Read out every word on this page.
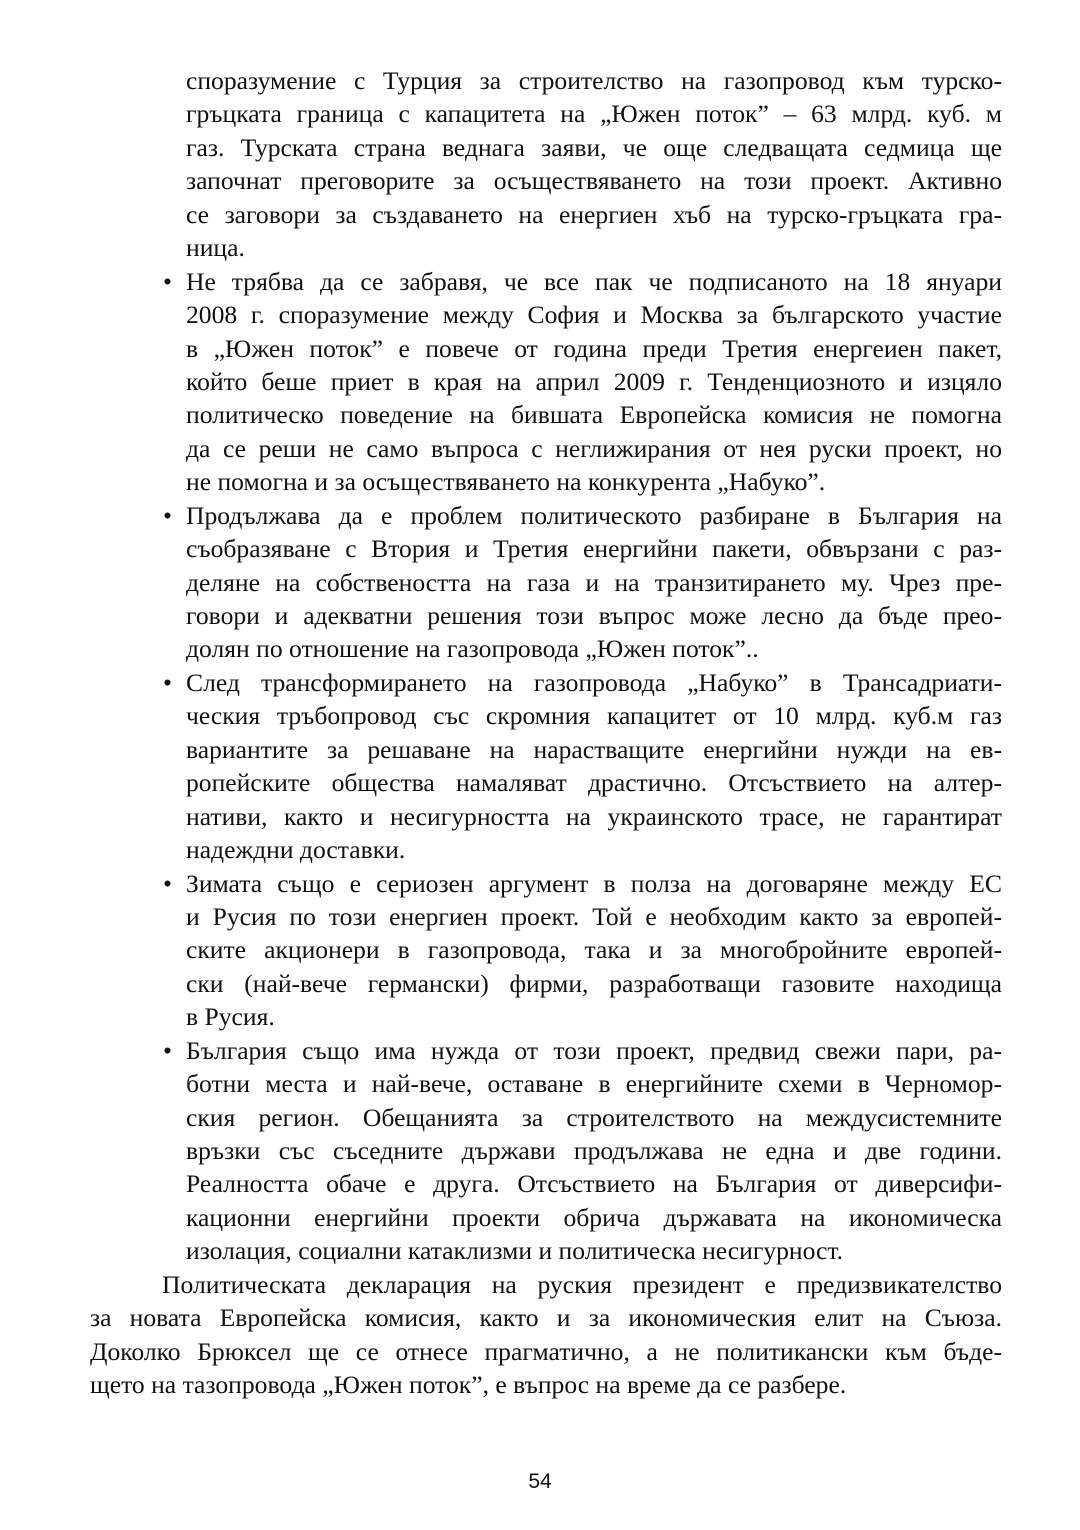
споразумение с Турция за строителство на газопровод към турско-
гръцката граница с капацитета на „Южен поток” – 63 млрд. куб. м
газ. Турската страна веднага заяви, че още следващата седмица ще
започнат преговорите за осъществяването на този проект. Активно
се заговори за създаването на енергиен хъб на турско-гръцката гра-
ница.
• Не трябва да се забравя, че все пак че подписаното на 18 януари
2008 г. споразумение между София и Москва за българското участие
в „Южен поток” е повече от година преди Третия енергеиен пакет,
който беше приет в края на април 2009 г. Тенденциозното и изцяло
политическо поведение на бившата Европейска комисия не помогна
да се реши не само въпроса с неглижирания от нея руски проект, но
не помогна и за осъществяването на конкурента „Набуко”.
• Продължава да е проблем политическото разбиране в България на
съобразяване с Втория и Третия енергийни пакети, обвързани с раз-
деляне на собствеността на газа и на транзитирането му. Чрез пре-
говори и адекватни решения този въпрос може лесно да бъде прео-
долян по отношение на газопровода „Южен поток”..
• След трансформирането на газопровода „Набуко” в Трансадриати-
ческия тръбопровод със скромния капацитет от 10 млрд. куб.м газ
вариантите за решаване на нарастващите енергийни нужди на ев-
ропейските общества намаляват драстично. Отсъствието на алтер-
нативи, както и несигурността на украинското трасе, не гарантират
надеждни доставки.
• Зимата също е сериозен аргумент в полза на договаряне между ЕС
и Русия по този енергиен проект. Той е необходим както за европей-
ските акционери в газопровода, така и за многобройните европей-
ски (най-вече германски) фирми, разработващи газовите находища
в Русия.
• България също има нужда от този проект, предвид свежи пари, ра-
ботни места и най-вече, оставане в енергийните схеми в Черномор-
ския регион. Обещанията за строителството на междусистемните
връзки със съседните държави продължава не една и две години.
Реалността обаче е друга. Отсъствието на България от диверсифи-
кационни енергийни проекти обрича държавата на икономическа
изолация, социални катаклизми и политическа несигурност.
Политическата декларация на руския президент е предизвикателство
за новата Европейска комисия, както и за икономическия елит на Съюза.
Доколко Брюксел ще се отнесе прагматично, а не политикански към бъде-
щето на тазопровода „Южен поток”, е въпрос на време да се разбере.
54
